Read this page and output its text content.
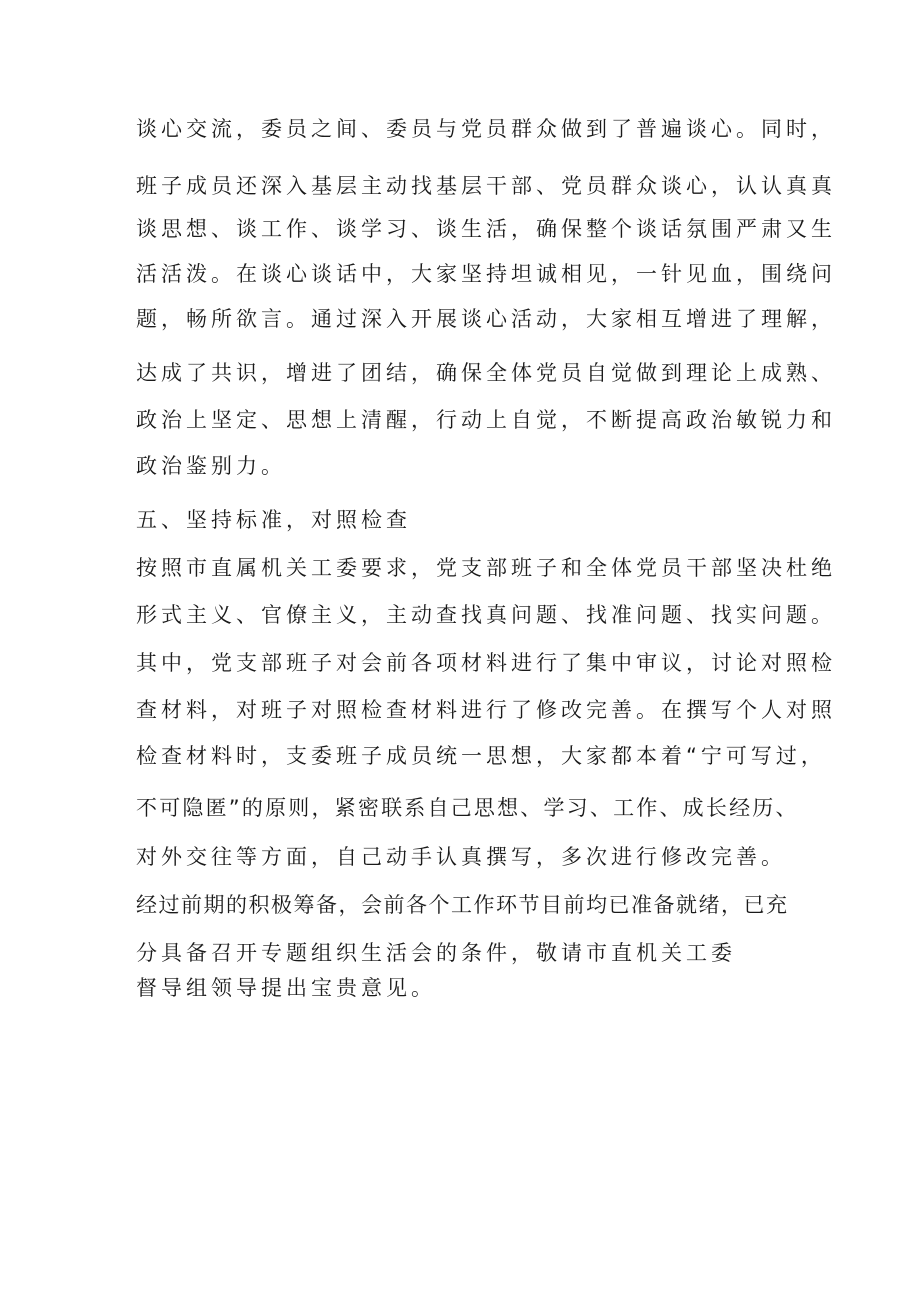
谈心交流，委员之间、委员与党员群众做到了普遍谈心。同时，
班子成员还深入基层主动找基层干部、党员群众谈心，认认真真
谈思想、谈工作、谈学习、谈生活，确保整个谈话氛围严肃又生
活活泼。在谈心谈话中，大家坚持坦诚相见，一针见血，围绕问
题，畅所欲言。通过深入开展谈心活动，大家相互增进了理解，
达成了共识，增进了团结，确保全体党员自觉做到理论上成熟、
政治上坚定、思想上清醒，行动上自觉，不断提高政治敏锐力和
政治鉴别力。
五、坚持标准，对照检查
按照市直属机关工委要求，党支部班子和全体党员干部坚决杜绝
形式主义、官僚主义，主动查找真问题、找准问题、找实问题。
其中，党支部班子对会前各项材料进行了集中审议，讨论对照检
查材料，对班子对照检查材料进行了修改完善。在撰写个人对照
检查材料时，支委班子成员统一思想，大家都本着“宁可写过，
不可隐匿”的原则，紧密联系自己思想、学习、工作、成长经历、
对外交往等方面，自己动手认真撰写，多次进行修改完善。
经过前期的积极筹备，会前各个工作环节目前均已准备就绪，已充
分具备召开专题组织生活会的条件，敬请市直机关工委
督导组领导提出宝贵意见。
